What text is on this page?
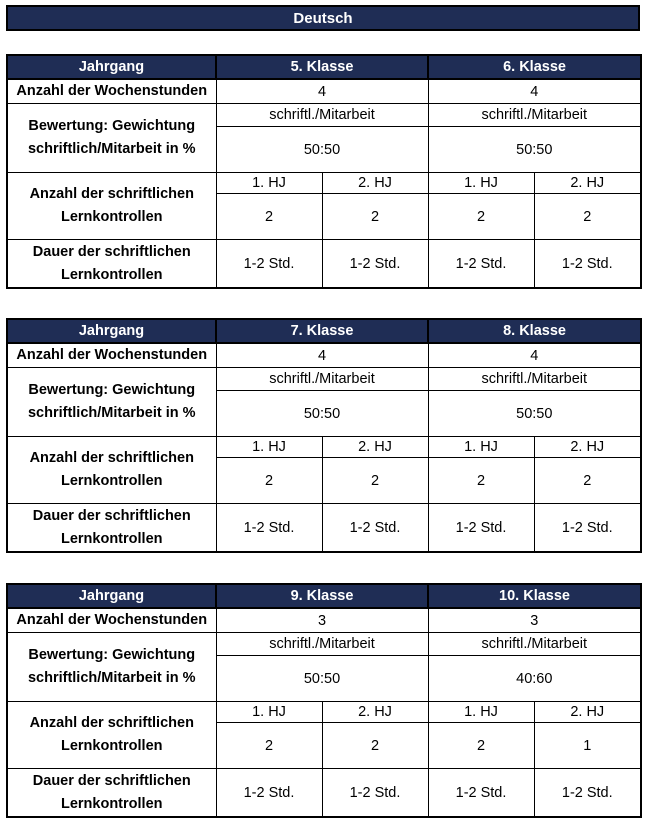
Deutsch
Jahrgang	5. Klasse		6. Klasse	
Anzahl der Wochenstunden	4		4	
Bewertung: Gewichtung
schriftlich/Mitarbeit in %	schriftl./Mitarbeit		schriftl./Mitarbeit	
	50:50		50:50	
Anzahl der schriftlichen
Lernkontrollen	1. HJ	2. HJ	1. HJ	2. HJ
	2	2	2	2
Dauer der schriftlichen
Lernkontrollen	1-2 Std.	1-2 Std.	1-2 Std.	1-2 Std.
Jahrgang	7. Klasse		8. Klasse	
Anzahl der Wochenstunden	4		4	
Bewertung: Gewichtung
schriftlich/Mitarbeit in %	schriftl./Mitarbeit		schriftl./Mitarbeit	
	50:50		50:50	
Anzahl der schriftlichen
Lernkontrollen	1. HJ	2. HJ	1. HJ	2. HJ
	2	2	2	2
Dauer der schriftlichen
Lernkontrollen	1-2 Std.	1-2 Std.	1-2 Std.	1-2 Std.
Jahrgang	9. Klasse		10. Klasse	
Anzahl der Wochenstunden	3		3	
Bewertung: Gewichtung
schriftlich/Mitarbeit in %	schriftl./Mitarbeit		schriftl./Mitarbeit	
	50:50		40:60	
Anzahl der schriftlichen
Lernkontrollen	1. HJ	2. HJ	1. HJ	2. HJ
	2	2	2	1
Dauer der schriftlichen
Lernkontrollen	1-2 Std.	1-2 Std.	1-2 Std.	1-2 Std.
